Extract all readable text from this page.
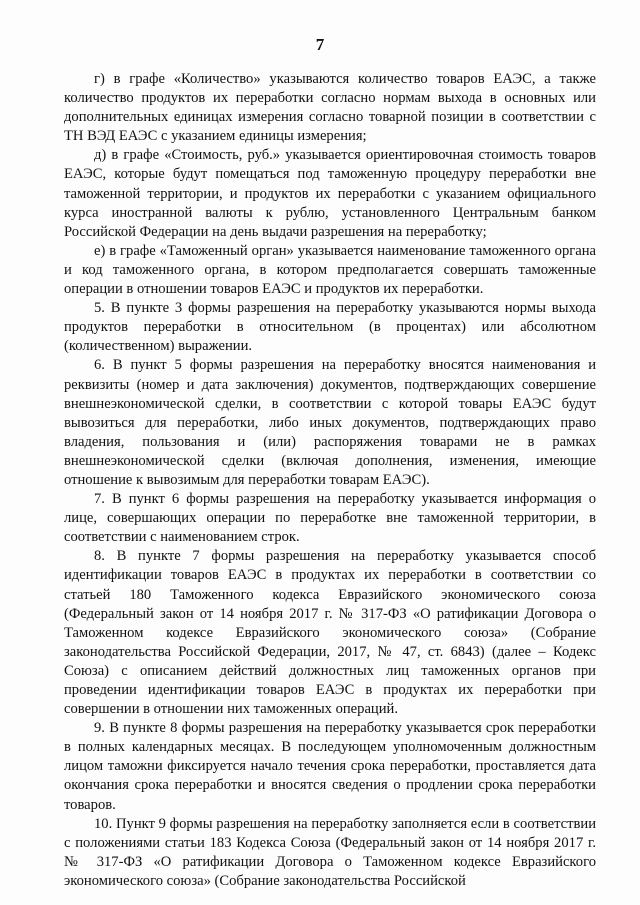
7

г) в графе «Количество» указываются количество товаров ЕАЭС, а также количество продуктов их переработки согласно нормам выхода в основных или дополнительных единицах измерения согласно товарной позиции в соответствии с ТН ВЭД ЕАЭС с указанием единицы измерения;

д) в графе «Стоимость, руб.» указывается ориентировочная стоимость товаров ЕАЭС, которые будут помещаться под таможенную процедуру переработки вне таможенной территории, и продуктов их переработки с указанием официального курса иностранной валюты к рублю, установленного Центральным банком Российской Федерации на день выдачи разрешения на переработку;

е) в графе «Таможенный орган» указывается наименование таможенного органа и код таможенного органа, в котором предполагается совершать таможенные операции в отношении товаров ЕАЭС и продуктов их переработки.

5. В пункте 3 формы разрешения на переработку указываются нормы выхода продуктов переработки в относительном (в процентах) или абсолютном (количественном) выражении.

6. В пункт 5 формы разрешения на переработку вносятся наименования и реквизиты (номер и дата заключения) документов, подтверждающих совершение внешнеэкономической сделки, в соответствии с которой товары ЕАЭС будут вывозиться для переработки, либо иных документов, подтверждающих право владения, пользования и (или) распоряжения товарами не в рамках внешнеэкономической сделки (включая дополнения, изменения, имеющие отношение к вывозимым для переработки товарам ЕАЭС).

7. В пункт 6 формы разрешения на переработку указывается информация о лице, совершающих операции по переработке вне таможенной территории, в соответствии с наименованием строк.

8. В пункте 7 формы разрешения на переработку указывается способ идентификации товаров ЕАЭС в продуктах их переработки в соответствии со статьей 180 Таможенного кодекса Евразийского экономического союза (Федеральный закон от 14 ноября 2017 г. № 317-ФЗ «О ратификации Договора о Таможенном кодексе Евразийского экономического союза» (Собрание законодательства Российской Федерации, 2017, № 47, ст. 6843) (далее – Кодекс Союза) с описанием действий должностных лиц таможенных органов при проведении идентификации товаров ЕАЭС в продуктах их переработки при совершении в отношении них таможенных операций.

9. В пункте 8 формы разрешения на переработку указывается срок переработки в полных календарных месяцах. В последующем уполномоченным должностным лицом таможни фиксируется начало течения срока переработки, проставляется дата окончания срока переработки и вносятся сведения о продлении срока переработки товаров.

10. Пункт 9 формы разрешения на переработку заполняется если в соответствии с положениями статьи 183 Кодекса Союза (Федеральный закон от 14 ноября 2017 г. № 317-ФЗ «О ратификации Договора о Таможенном кодексе Евразийского экономического союза» (Собрание законодательства Российской
